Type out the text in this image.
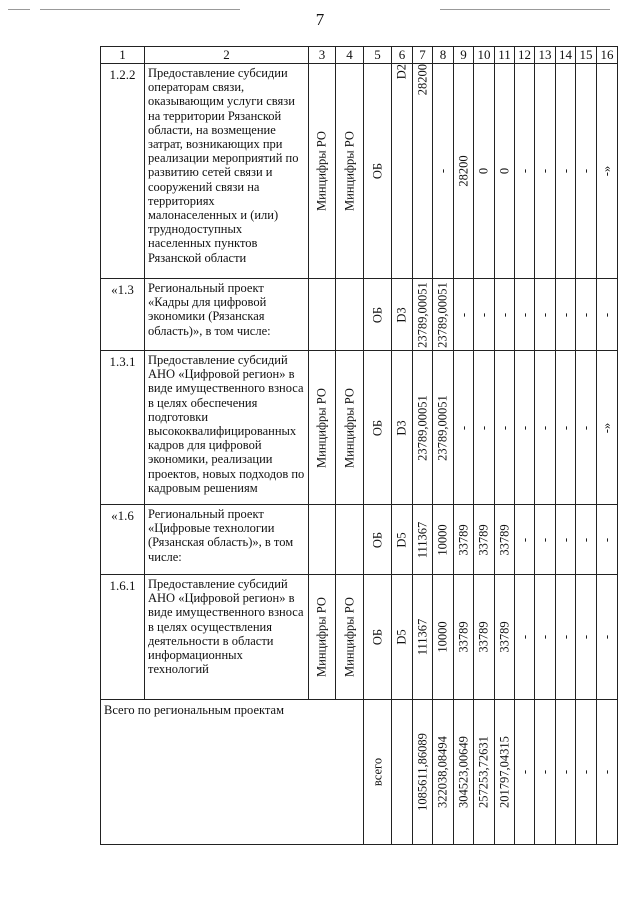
7
1	2	3	4	5	6	7	8	9	10	11	12	13	14	15	16
1.2.2	Предоставление субсидии операторам связи, оказывающим услуги связи на территории Рязанской области, на возмещение затрат, возникающих при реализации мероприятий по развитию сетей связи и сооружений связи на территориях малонаселенных и (или) труднодоступных населенных пунктов Рязанской области	Минцифры РО	Минцифры РО	ОБ	D2	28200	-	28200	0	0	-	-	-	-	-»

«1.3	Региональный проект «Кадры для цифровой экономики (Рязанская область)», в том числе:			ОБ	D3	23789,00051	23789,00051	-	-	-	-	-	-	-	-

1.3.1	Предоставление субсидий АНО «Цифровой регион» в виде имущественного взноса в целях обеспечения подготовки высококвалифицированных кадров для цифровой экономики, реализации проектов, новых подходов по кадровым решениям	Минцифры РО	Минцифры РО	ОБ	D3	23789,00051	23789,00051	-	-	-	-	-	-	-	-»

«1.6	Региональный проект «Цифровые технологии (Рязанская область)», в том числе:			ОБ	D5	111367	10000	33789	33789	33789	-	-	-	-	-

1.6.1	Предоставление субсидий АНО «Цифровой регион» в виде имущественного взноса в целях осуществления деятельности в области информационных технологий	Минцифры РО	Минцифры РО	ОБ	D5	111367	10000	33789	33789	33789	-	-	-	-	-

Всего по региональным проектам				всего		1085611,86089	322038,08494	304523,00649	257253,72631	201797,04315	-	-	-	-	-
